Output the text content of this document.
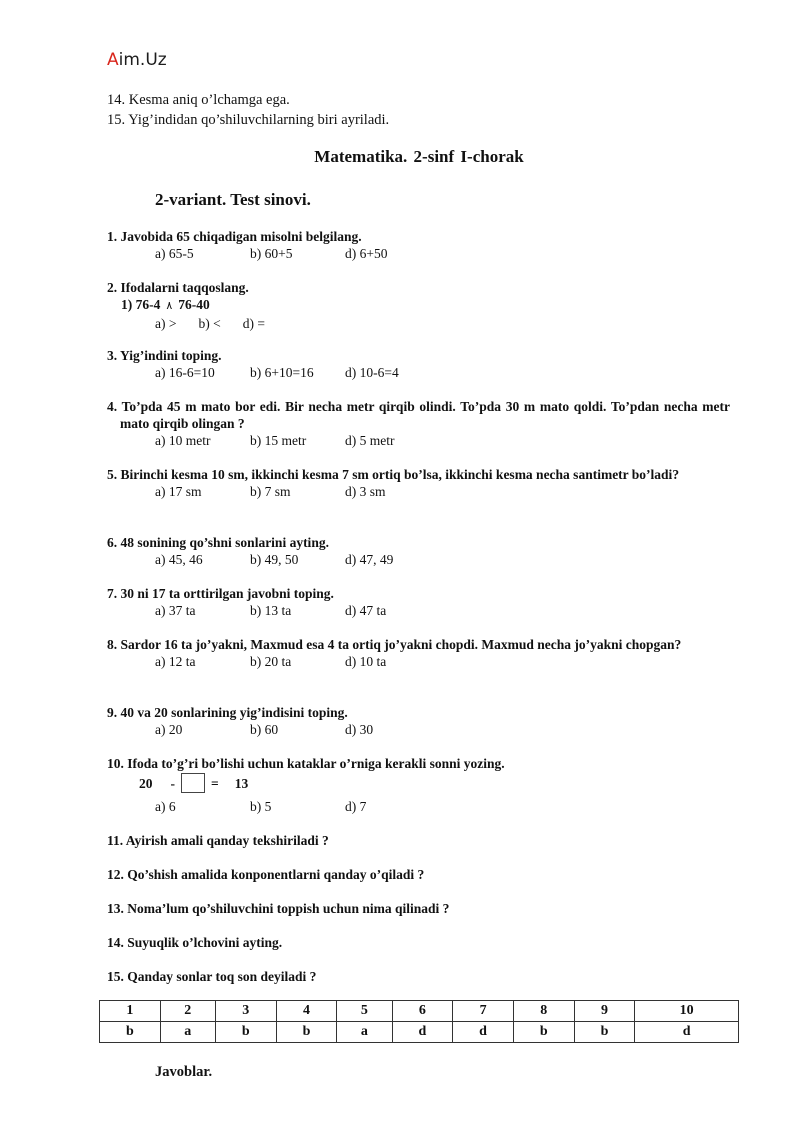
Aim.Uz
14. Kesma aniq o’lchamga ega.
15. Yig’indidan qo’shiluvchilarning biri ayriladi.
Matematika. 2-sinf I-chorak
2-variant. Test sinovi.
1. Javobida 65 chiqadigan misolni belgilang.
a) 65-5	b) 60+5	d) 6+50
2. Ifodalarni taqqoslang.
1) 76-4 ٨ 76-40
a) > b) < d) =
3. Yig’indini toping.
a) 16-6=10	b) 6+10=16	d) 10-6=4
4. To’pda 45 m mato bor edi. Bir necha metr qirqib olindi. To’pda 30 m mato qoldi. To’pdan necha metr mato qirqib olingan ?
a) 10 metr	b) 15 metr	d) 5 metr
5. Birinchi kesma 10 sm, ikkinchi kesma 7 sm ortiq bo’lsa, ikkinchi kesma necha santimetr bo’ladi?
a) 17 sm	b) 7 sm	d) 3 sm
6. 48 sonining qo’shni sonlarini ayting.
a) 45, 46	b) 49, 50	d) 47, 49
7. 30 ni 17 ta orttirilgan javobni toping.
a) 37 ta	b) 13 ta	d) 47 ta
8. Sardor 16 ta jo’yakni, Maxmud esa 4 ta ortiq jo’yakni chopdi. Maxmud necha jo’yakni chopgan?
a) 12 ta	b) 20 ta	d) 10 ta
9. 40 va 20 sonlarining yig’indisini toping.
a) 20	b) 60	d) 30
10. Ifoda to’g’ri bo’lishi uchun kataklar o’rniga kerakli sonni yozing.
20 -	= 13
a) 6	b) 5	d) 7
11. Ayirish amali qanday tekshiriladi ?
12. Qo’shish amalida konponentlarni qanday o’qiladi ?
13. Noma’lum qo’shiluvchini toppish uchun nima qilinadi ?
14. Suyuqlik o’lchovini ayting.
15. Qanday sonlar toq son deyiladi ?
1	2	3	4	5	6	7	8	9	10
b	a	b	b	a	d	d	b	b	d
Javoblar.
